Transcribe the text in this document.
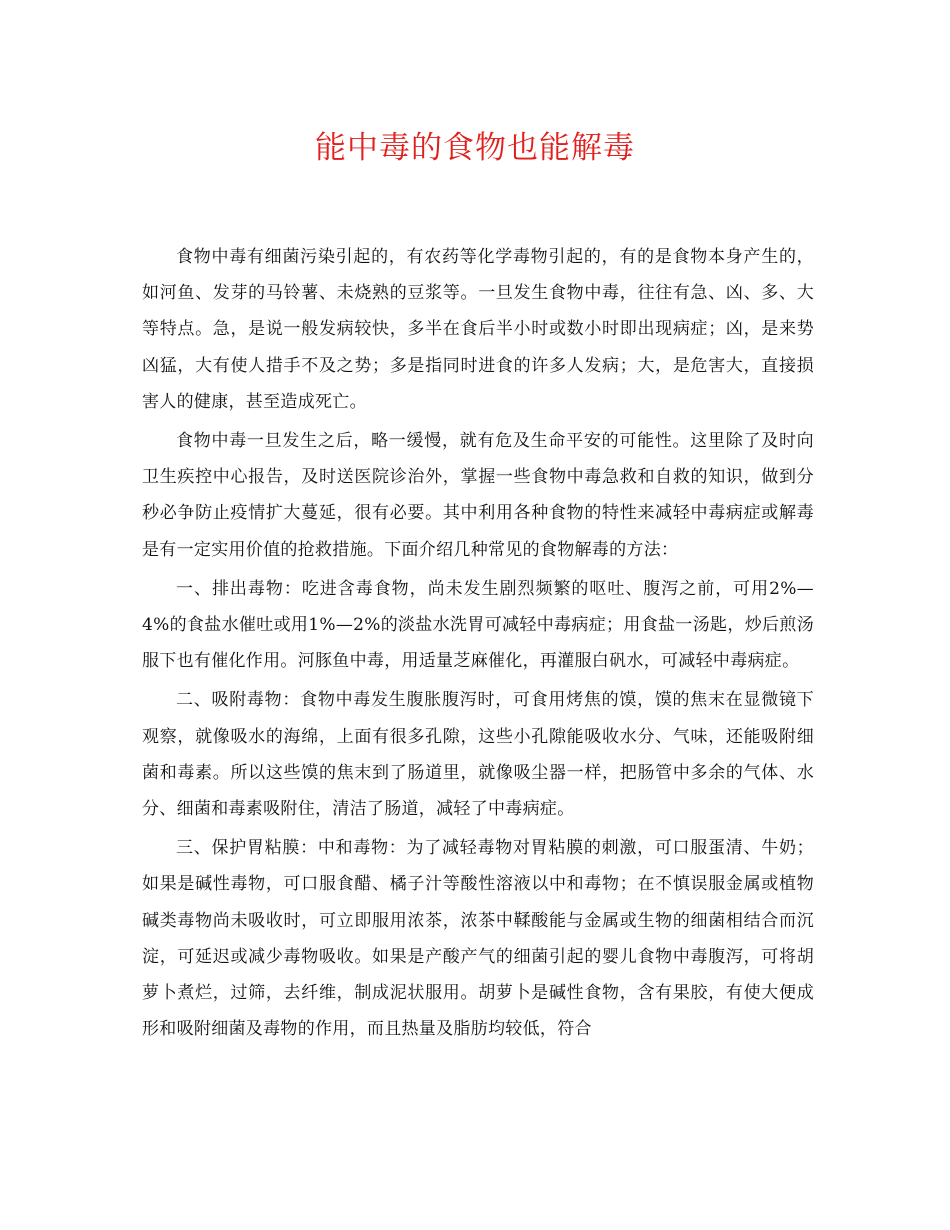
能中毒的食物也能解毒

食物中毒有细菌污染引起的，有农药等化学毒物引起的，有的是食物本身产生的，如河鱼、发芽的马铃薯、未烧熟的豆浆等。一旦发生食物中毒，往往有急、凶、多、大等特点。急，是说一般发病较快，多半在食后半小时或数小时即出现病症；凶，是来势凶猛，大有使人措手不及之势；多是指同时进食的许多人发病；大，是危害大，直接损害人的健康，甚至造成死亡。

食物中毒一旦发生之后，略一缓慢，就有危及生命平安的可能性。这里除了及时向卫生疾控中心报告，及时送医院诊治外，掌握一些食物中毒急救和自救的知识，做到分秒必争防止疫情扩大蔓延，很有必要。其中利用各种食物的特性来减轻中毒病症或解毒是有一定实用价值的抢救措施。下面介绍几种常见的食物解毒的方法：

一、排出毒物：吃进含毒食物，尚未发生剧烈频繁的呕吐、腹泻之前，可用2%—4%的食盐水催吐或用1%—2%的淡盐水洗胃可减轻中毒病症；用食盐一汤匙，炒后煎汤服下也有催化作用。河豚鱼中毒，用适量芝麻催化，再灌服白矾水，可减轻中毒病症。

二、吸附毒物：食物中毒发生腹胀腹泻时，可食用烤焦的馍，馍的焦末在显微镜下观察，就像吸水的海绵，上面有很多孔隙，这些小孔隙能吸收水分、气味，还能吸附细菌和毒素。所以这些馍的焦末到了肠道里，就像吸尘器一样，把肠管中多余的气体、水分、细菌和毒素吸附住，清洁了肠道，减轻了中毒病症。

三、保护胃粘膜：中和毒物：为了减轻毒物对胃粘膜的刺激，可口服蛋清、牛奶；如果是碱性毒物，可口服食醋、橘子汁等酸性溶液以中和毒物；在不慎误服金属或植物碱类毒物尚未吸收时，可立即服用浓茶，浓茶中鞣酸能与金属或生物的细菌相结合而沉淀，可延迟或减少毒物吸收。如果是产酸产气的细菌引起的婴儿食物中毒腹泻，可将胡萝卜煮烂，过筛，去纤维，制成泥状服用。胡萝卜是碱性食物，含有果胶，有使大便成形和吸附细菌及毒物的作用，而且热量及脂肪均较低，符合
